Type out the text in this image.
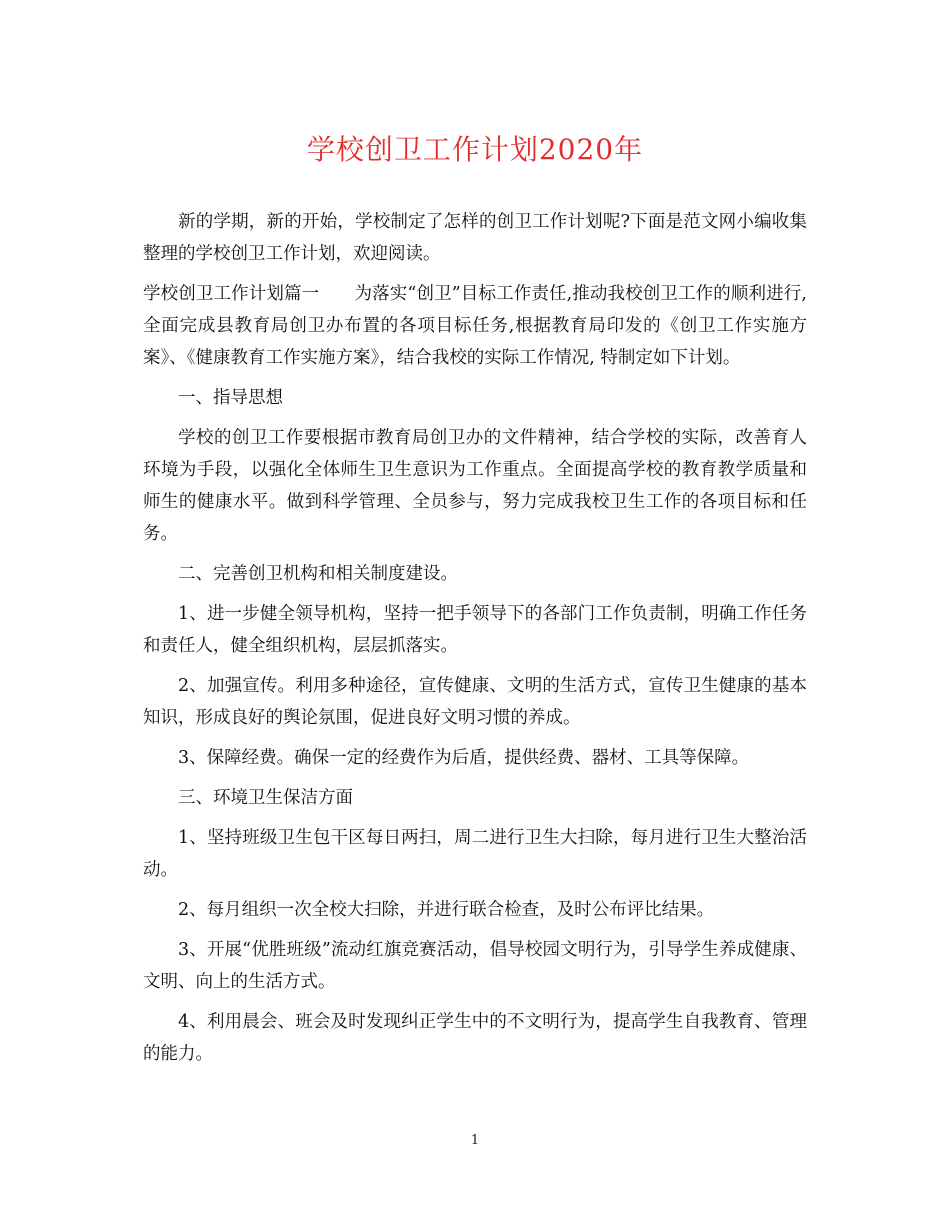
学校创卫工作计划2020年

新的学期，新的开始，学校制定了怎样的创卫工作计划呢?下面是范文网小编收集整理的学校创卫工作计划，欢迎阅读。

学校创卫工作计划篇一　　为落实“创卫”目标工作责任,推动我校创卫工作的顺利进行,全面完成县教育局创卫办布置的各项目标任务,根据教育局印发的《创卫工作实施方案》、《健康教育工作实施方案》，结合我校的实际工作情况, 特制定如下计划。

一、指导思想

学校的创卫工作要根据市教育局创卫办的文件精神，结合学校的实际，改善育人环境为手段，以强化全体师生卫生意识为工作重点。全面提高学校的教育教学质量和师生的健康水平。做到科学管理、全员参与，努力完成我校卫生工作的各项目标和任务。

二、完善创卫机构和相关制度建设。

1、进一步健全领导机构，坚持一把手领导下的各部门工作负责制，明确工作任务和责任人，健全组织机构，层层抓落实。

2、加强宣传。利用多种途径，宣传健康、文明的生活方式，宣传卫生健康的基本知识，形成良好的舆论氛围，促进良好文明习惯的养成。

3、保障经费。确保一定的经费作为后盾，提供经费、器材、工具等保障。

三、环境卫生保洁方面

1、坚持班级卫生包干区每日两扫，周二进行卫生大扫除，每月进行卫生大整治活动。

2、每月组织一次全校大扫除，并进行联合检查，及时公布评比结果。

3、开展“优胜班级”流动红旗竞赛活动，倡导校园文明行为，引导学生养成健康、文明、向上的生活方式。

4、利用晨会、班会及时发现纠正学生中的不文明行为，提高学生自我教育、管理的能力。

1
